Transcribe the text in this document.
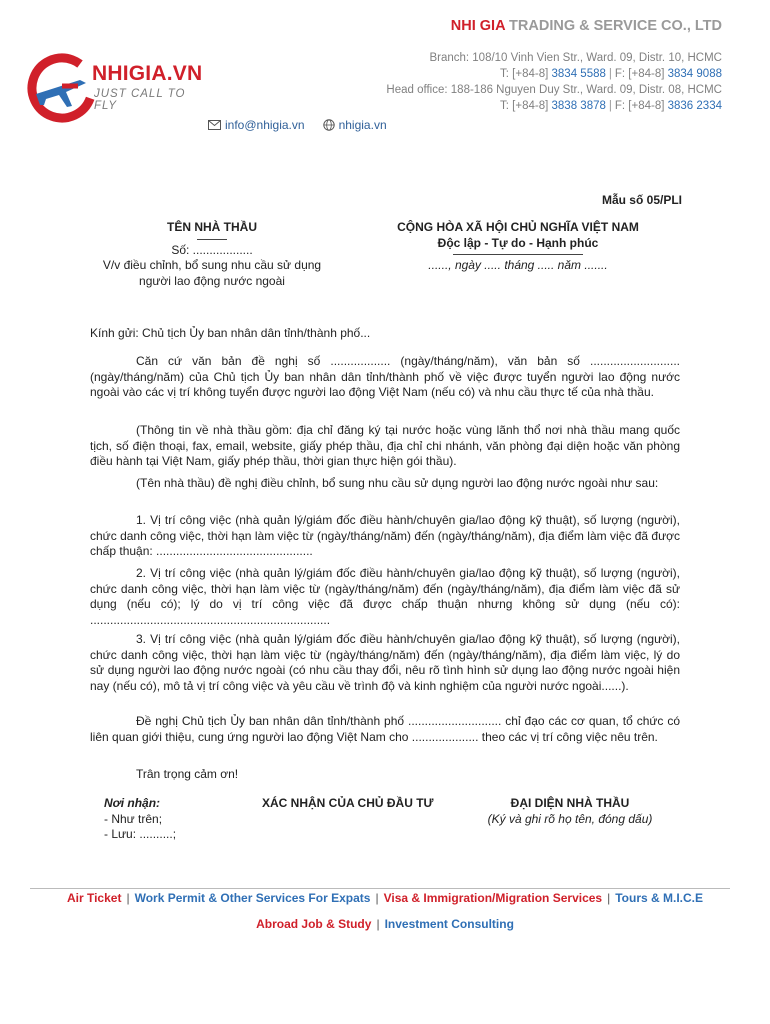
NHIGIA.VN
JUST CALL TO FLY
NHI GIA TRADING & SERVICE CO., LTD
Branch: 108/10 Vinh Vien Str., Ward. 09, Distr. 10, HCMC
T: [+84-8] 3834 5588 | F: [+84-8] 3834 9088
Head office: 188-186 Nguyen Duy Str., Ward. 09, Distr. 08, HCMC
T: [+84-8] 3838 3878 | F: [+84-8] 3836 2334
info@nhigia.vn	nhigia.vn
Mẫu số 05/PLI
TÊN NHÀ THẦU
Số: ..................
V/v điều chỉnh, bổ sung nhu cầu sử dụng
người lao động nước ngoài
CỘNG HÒA XÃ HỘI CHỦ NGHĨA VIỆT NAM
Độc lập - Tự do - Hạnh phúc
......, ngày ..... tháng ..... năm .......
Kính gửi: Chủ tịch Ủy ban nhân dân tỉnh/thành phố...
Căn cứ văn bản đề nghị số .................. (ngày/tháng/năm), văn bản số ........................... (ngày/tháng/năm) của Chủ tịch Ủy ban nhân dân tỉnh/thành phố về việc được tuyển người lao động nước ngoài vào các vị trí không tuyển được người lao động Việt Nam (nếu có) và nhu cầu thực tế của nhà thầu.
(Thông tin về nhà thầu gồm: địa chỉ đăng ký tại nước hoặc vùng lãnh thổ nơi nhà thầu mang quốc tịch, số điện thoại, fax, email, website, giấy phép thầu, địa chỉ chi nhánh, văn phòng đại diện hoặc văn phòng điều hành tại Việt Nam, giấy phép thầu, thời gian thực hiện gói thầu).
(Tên nhà thầu) đề nghị điều chỉnh, bổ sung nhu cầu sử dụng người lao động nước ngoài như sau:
1. Vị trí công việc (nhà quản lý/giám đốc điều hành/chuyên gia/lao động kỹ thuật), số lượng (người), chức danh công việc, thời hạn làm việc từ (ngày/tháng/năm) đến (ngày/tháng/năm), địa điểm làm việc đã được chấp thuận: ...............................................
2. Vị trí công việc (nhà quản lý/giám đốc điều hành/chuyên gia/lao động kỹ thuật), số lượng (người), chức danh công việc, thời hạn làm việc từ (ngày/tháng/năm) đến (ngày/tháng/năm), địa điểm làm việc đã sử dụng (nếu có); lý do vị trí công việc đã được chấp thuận nhưng không sử dụng (nếu có): ........................................................................
3. Vị trí công việc (nhà quản lý/giám đốc điều hành/chuyên gia/lao động kỹ thuật), số lượng (người), chức danh công việc, thời hạn làm việc từ (ngày/tháng/năm) đến (ngày/tháng/năm), địa điểm làm việc, lý do sử dụng người lao động nước ngoài (có nhu cầu thay đổi, nêu rõ tình hình sử dụng lao động nước ngoài hiện nay (nếu có), mô tả vị trí công việc và yêu cầu về trình độ và kinh nghiệm của người nước ngoài......).
Đề nghị Chủ tịch Ủy ban nhân dân tỉnh/thành phố ............................ chỉ đạo các cơ quan, tổ chức có liên quan giới thiệu, cung ứng người lao động Việt Nam cho .................... theo các vị trí công việc nêu trên.
Trân trọng cảm ơn!
Nơi nhận:
- Như trên;
- Lưu: ..........;
XÁC NHẬN CỦA CHỦ ĐẦU TƯ	ĐẠI DIỆN NHÀ THẦU
(Ký và ghi rõ họ tên, đóng dấu)
Air Ticket | Work Permit & Other Services For Expats | Visa & Immigration/Migration Services | Tours & M.I.C.E
Abroad Job & Study | Investment Consulting
